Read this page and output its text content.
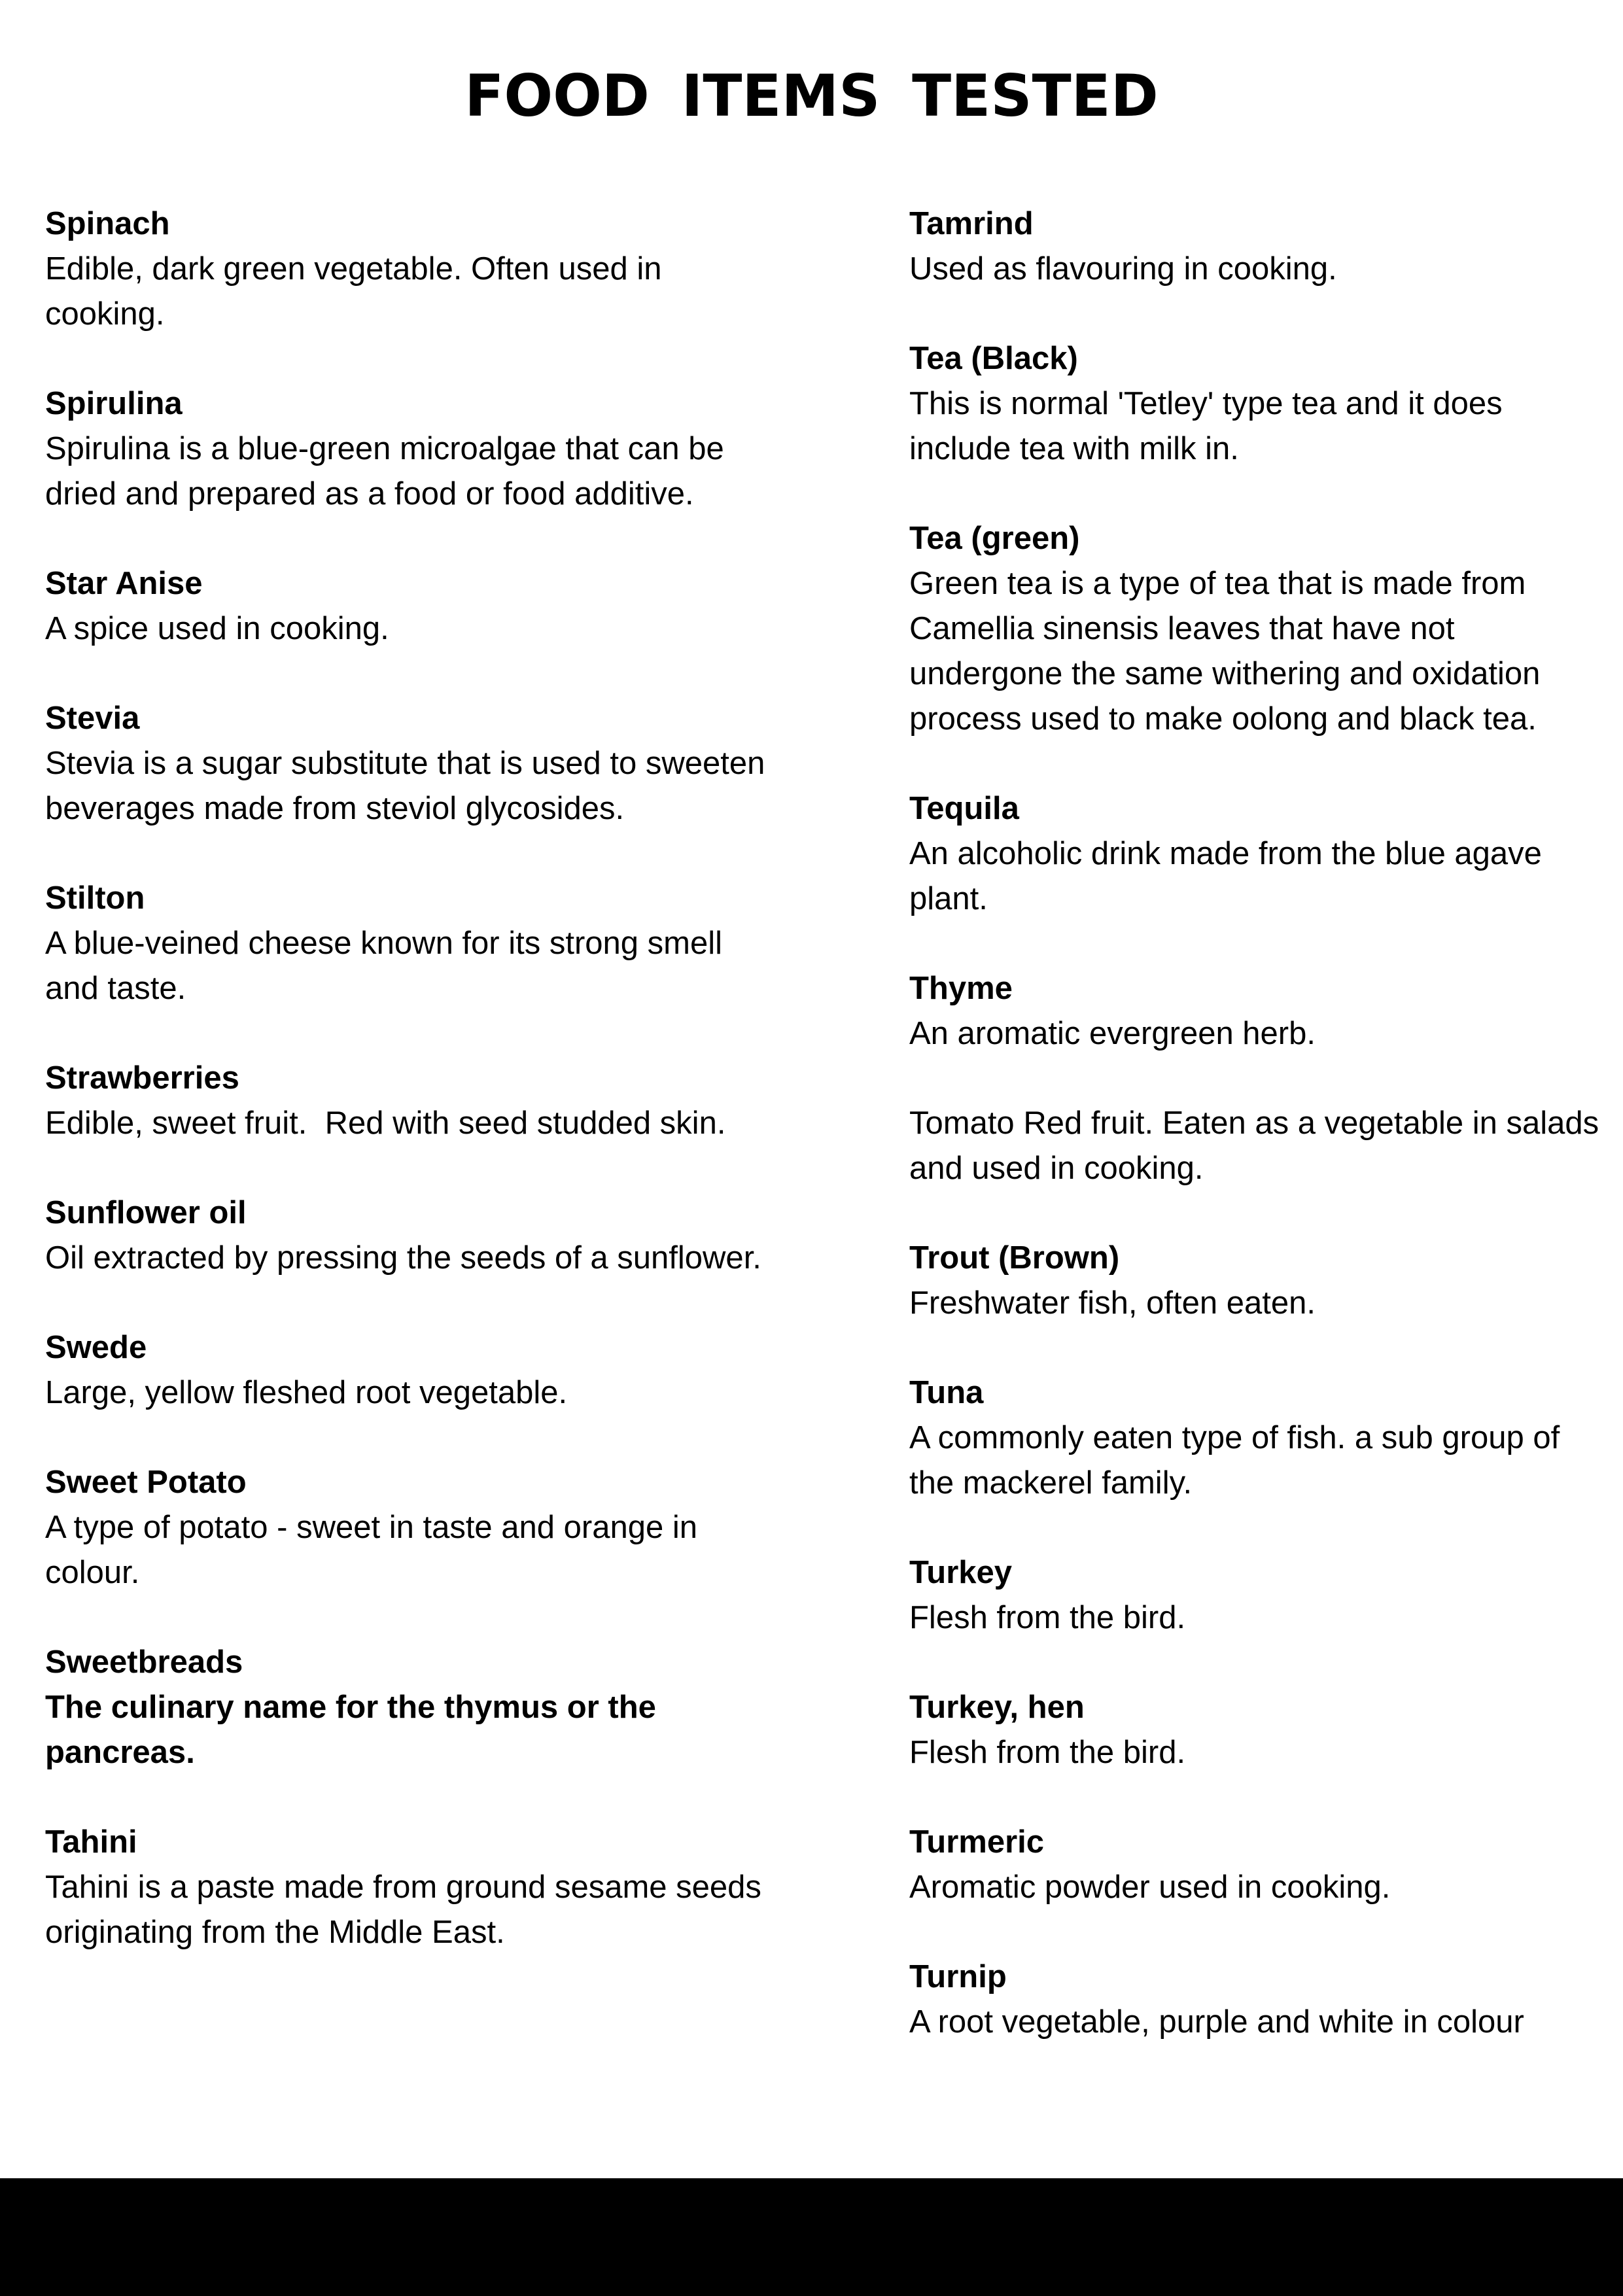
FOOD ITEMS TESTED
Spinach
Edible, dark green vegetable. Often used in cooking.
Spirulina
Spirulina is a blue-green microalgae that can be dried and prepared as a food or food additive.
Star Anise
A spice used in cooking.
Stevia
Stevia is a sugar substitute that is used to sweeten beverages made from steviol glycosides.
Stilton
A blue-veined cheese known for its strong smell and taste.
Strawberries
Edible, sweet fruit.  Red with seed studded skin.
Sunflower oil
Oil extracted by pressing the seeds of a sunflower.
Swede
Large, yellow fleshed root vegetable.
Sweet Potato
A type of potato - sweet in taste and orange in colour.
Sweetbreads
The culinary name for the thymus or the pancreas.
Tahini
Tahini is a paste made from ground sesame seeds originating from the Middle East.
Tamrind
Used as flavouring in cooking.
Tea (Black)
This is normal 'Tetley' type tea and it does include tea with milk in.
Tea (green)
Green tea is a type of tea that is made from Camellia sinensis leaves that have not undergone the same withering and oxidation process used to make oolong and black tea.
Tequila
An alcoholic drink made from the blue agave plant.
Thyme
An aromatic evergreen herb.
Tomato Red fruit. Eaten as a vegetable in salads and used in cooking.
Trout (Brown)
Freshwater fish, often eaten.
Tuna
A commonly eaten type of fish. a sub group of the mackerel family.
Turkey
Flesh from the bird.
Turkey, hen
Flesh from the bird.
Turmeric
Aromatic powder used in cooking.
Turnip
A root vegetable, purple and white in colour
